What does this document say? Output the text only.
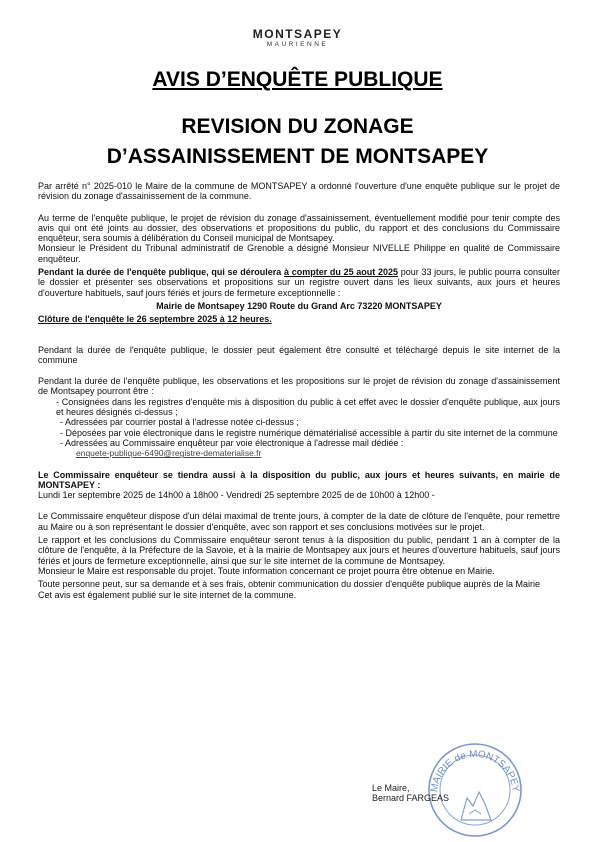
MONTSAPEY
MAURIENNE
AVIS D’ENQUÊTE PUBLIQUE
REVISION DU ZONAGE
D’ASSAINISSEMENT DE MONTSAPEY

Par arrêté n° 2025-010 le Maire de la commune de MONTSAPEY a ordonné l'ouverture d'une enquête publique sur le projet de révision du zonage d'assainissement de la commune.

Au terme de l'enquête publique, le projet de révision du zonage d'assainissement, éventuellement modifié pour tenir compte des avis qui ont été joints au dossier, des observations et propositions du public, du rapport et des conclusions du Commissaire enquêteur, sera soumis à délibération du Conseil municipal de Montsapey.

Monsieur le Président du Tribunal administratif de Grenoble a désigné Monsieur NIVELLE Philippe en qualité de Commissaire enquêteur.

Pendant la durée de l'enquête publique, qui se déroulera à compter du 25 aout 2025 pour 33 jours, le public pourra consulter le dossier et présenter ses observations et propositions sur un registre ouvert dans les lieux suivants, aux jours et heures d'ouverture habituels, sauf jours fériés et jours de fermeture exceptionnelle :

Mairie de Montsapey 1290 Route du Grand Arc 73220 MONTSAPEY

Clôture de l'enquête le 26 septembre 2025 à 12 heures.

Pendant la durée de l'enquête publique, le dossier peut également être consulté et téléchargé depuis le site internet de la commune

Pendant la durée de l'enquête publique, les observations et les propositions sur le projet de révision du zonage d'assainissement de Montsapey pourront être :

- Consignées dans les registres d'enquête mis à disposition du public à cet effet avec le dossier d'enquête publique, aux jours et heures désignés ci-dessus ;

- Adressées par courrier postal à l'adresse notée ci-dessus ;

- Déposées par voie électronique dans le registre numérique dématérialisé accessible à partir du site internet de la commune

- Adressées au Commissaire enquêteur par voie électronique à l'adresse mail dédiée :

enquete-publique-6490@registre-dematerialise.fr

Le Commissaire enquêteur se tiendra aussi à la disposition du public, aux jours et heures suivants, en mairie de MONTSAPEY :

Lundi 1er septembre 2025 de 14h00 à 18h00 - Vendredi 25 septembre 2025 de de 10h00 à 12h00 -

Le Commissaire enquêteur dispose d'un délai maximal de trente jours, à compter de la date de clôture de l'enquête, pour remettre au Maire ou à son représentant le dossier d'enquête, avec son rapport et ses conclusions motivées sur le projet.

Le rapport et les conclusions du Commissaire enquêteur seront tenus à la disposition du public, pendant 1 an à compter de la clôture de l'enquête, à la Préfecture de la Savoie, et à la mairie de Montsapey aux jours et heures d'ouverture habituels, sauf jours fériés et jours de fermeture exceptionnelle, ainsi que sur le site internet de la commune de Montsapey.

Monsieur le Maire est responsable du projet. Toute information concernant ce projet pourra être obtenue en Mairie.

Toute personne peut, sur sa demande et à ses frais, obtenir communication du dossier d'enquête publique auprès de la Mairie

Cet avis est également publié sur le site internet de la commune.

MAIRIE de MONTSAPEY
Le Maire,
Bernard FARGEAS
